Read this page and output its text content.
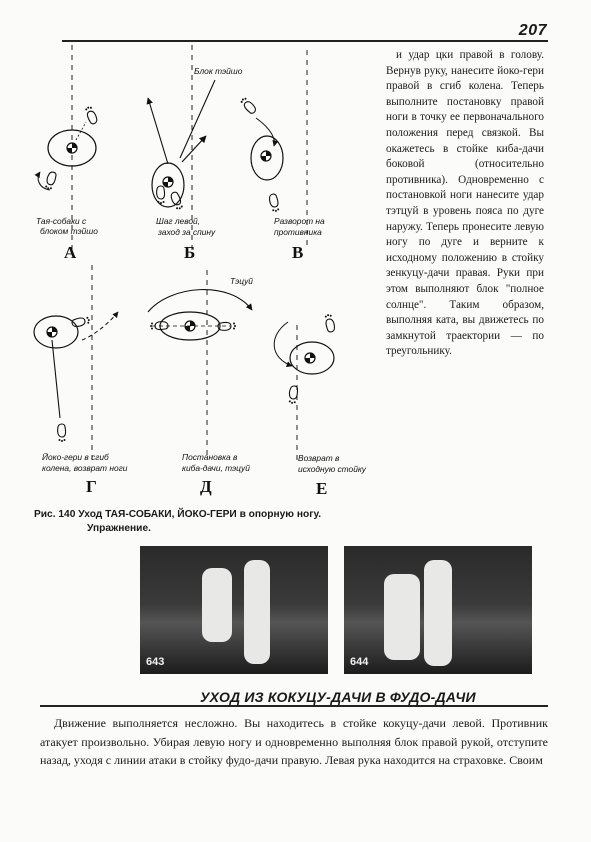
207

и удар цки правой в голову. Вернув руку, нанесите йоко-гери правой в сгиб колена. Теперь выполните постановку правой ноги в точку ее первоначального положения перед связкой. Вы окажетесь в стойке киба-дачи боковой (относительно противника). Одновременно с постановкой ноги нанесите удар тэтцуй в уровень пояса по дуге наружу. Теперь пронесите левую ногу по дуге и верните к исходному положению в стойку зенкуцу-дачи правая. Руки при этом выполняют блок "полное солнце". Таким образом, выполняя ката, вы движетесь по замкнутой траектории — по треугольнику.

Блок тэйшо
Тэцуй
Тая-собаки с
блоком тэйшо
А
Шаг левой,
заход за спину
Б
Разворот на
противника
В
Йоко-гери в сгиб
колена, возврат ноги
Г
Постановка в
киба-дачи, тэцуй
Д
Возврат в
исходную стойку
Е
Рис. 140 Уход ТАЯ-СОБАКИ, ЙОКО-ГЕРИ в опорную ногу.
Упражнение.
643	644
УХОД ИЗ КОКУЦУ-ДАЧИ В ФУДО-ДАЧИ

Движение выполняется несложно. Вы находитесь в стойке кокуцу-дачи левой. Противник атакует произвольно. Убирая левую ногу и одновременно выполняя блок правой рукой, отступите назад, уходя с линии атаки в стойку фудо-дачи правую. Левая рука находится на страховке. Своим
